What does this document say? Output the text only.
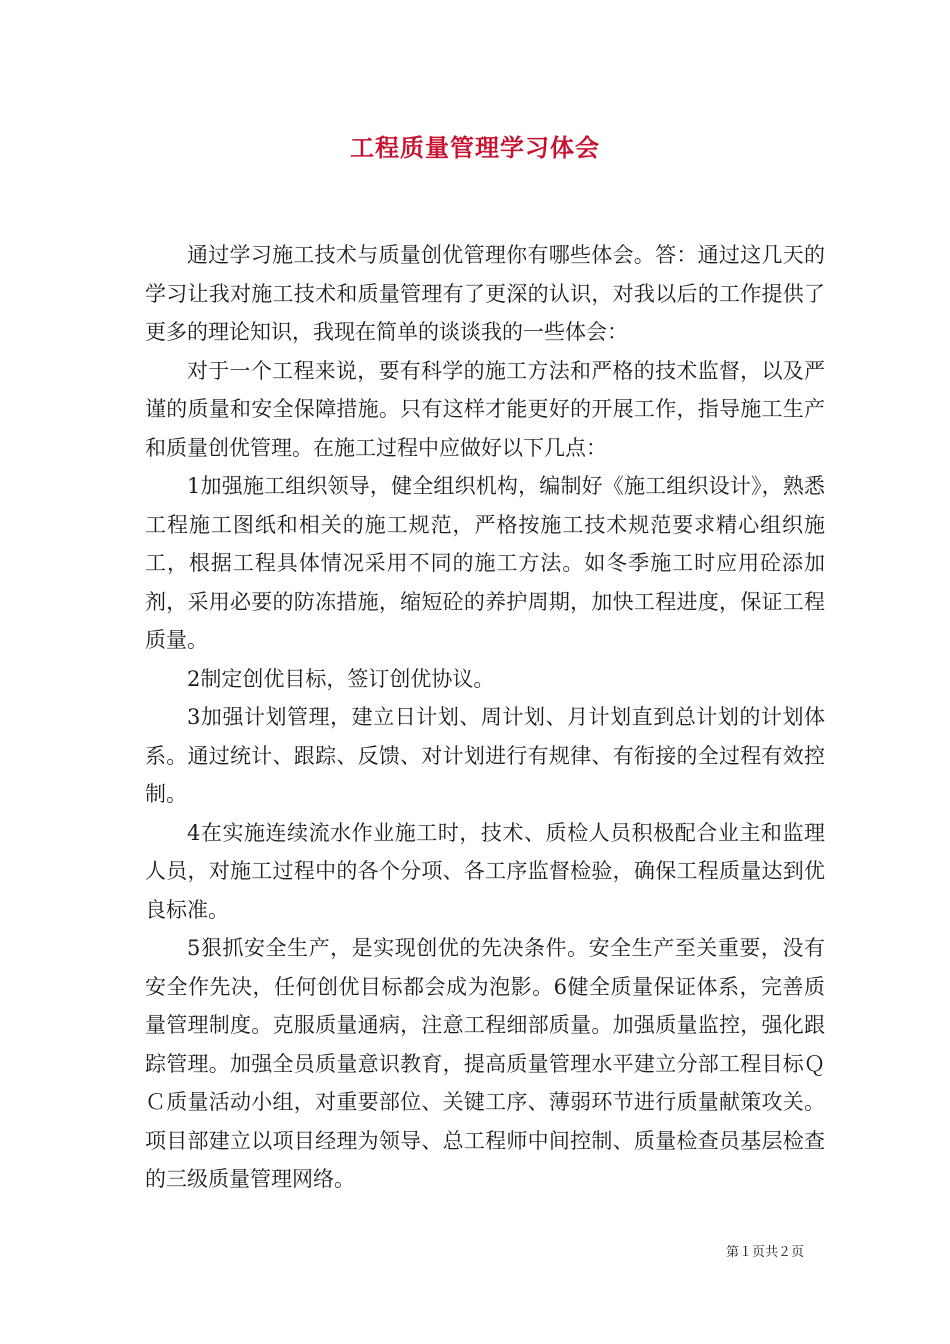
工程质量管理学习体会

通过学习施工技术与质量创优管理你有哪些体会。答：通过这几天的学习让我对施工技术和质量管理有了更深的认识，对我以后的工作提供了更多的理论知识，我现在简单的谈谈我的一些体会：

对于一个工程来说，要有科学的施工方法和严格的技术监督，以及严谨的质量和安全保障措施。只有这样才能更好的开展工作，指导施工生产和质量创优管理。在施工过程中应做好以下几点：

1加强施工组织领导，健全组织机构，编制好《施工组织设计》，熟悉工程施工图纸和相关的施工规范，严格按施工技术规范要求精心组织施工，根据工程具体情况采用不同的施工方法。如冬季施工时应用砼添加剂，采用必要的防冻措施，缩短砼的养护周期，加快工程进度，保证工程质量。

2制定创优目标，签订创优协议。

3加强计划管理，建立日计划、周计划、月计划直到总计划的计划体系。通过统计、跟踪、反馈、对计划进行有规律、有衔接的全过程有效控制。

4在实施连续流水作业施工时，技术、质检人员积极配合业主和监理人员，对施工过程中的各个分项、各工序监督检验，确保工程质量达到优良标准。

5狠抓安全生产，是实现创优的先决条件。安全生产至关重要，没有安全作先决，任何创优目标都会成为泡影。6健全质量保证体系，完善质量管理制度。克服质量通病，注意工程细部质量。加强质量监控，强化跟踪管理。加强全员质量意识教育，提高质量管理水平建立分部工程目标ＱＣ质量活动小组，对重要部位、关键工序、薄弱环节进行质量献策攻关。项目部建立以项目经理为领导、总工程师中间控制、质量检查员基层检查的三级质量管理网络。

第１页共２页
